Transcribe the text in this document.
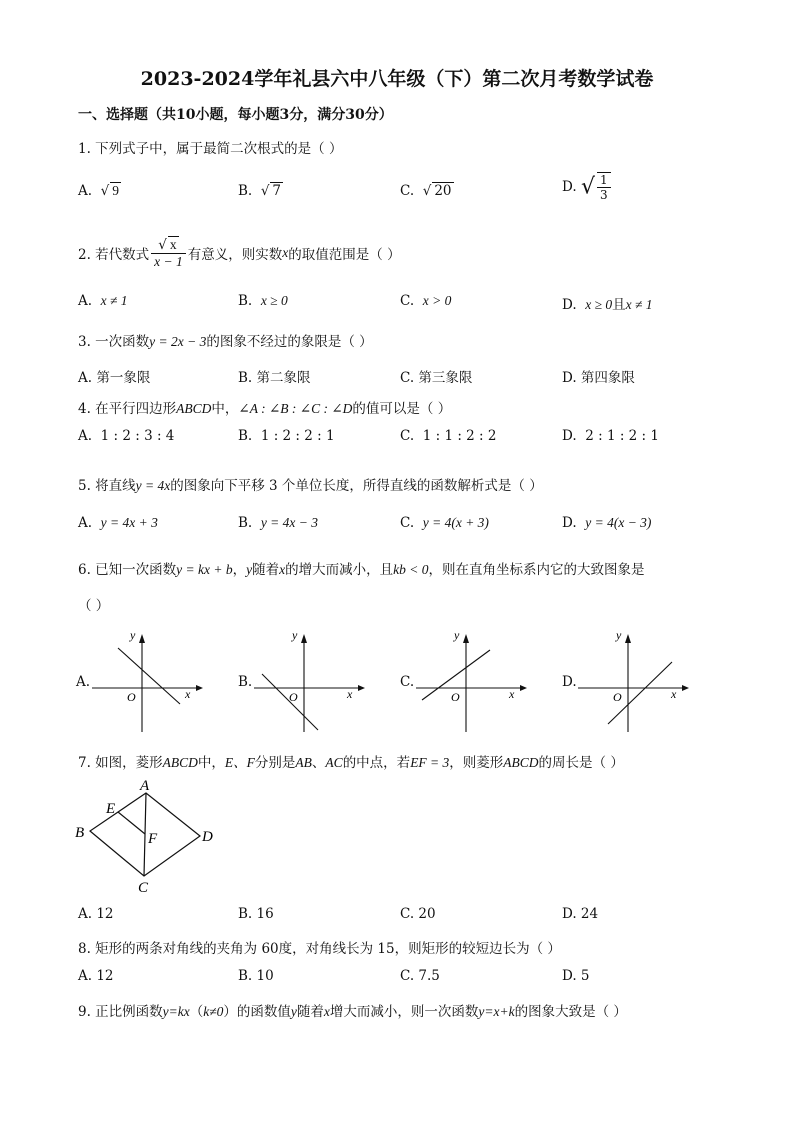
2023-2024学年礼县六中八年级（下）第二次月考数学试卷
一、选择题（共10小题，每小题3分，满分30分）
1. 下列式子中，属于最简二次根式的是（ ）
A. √ 9	B. √ 7	C. √ 20	D. √ $\frac{1}{3}$
2. 若代数式 $\frac{√ x}{x - 1}$ 有意义，则实数x的取值范围是（ ）
A. x ≠ 1	B. x ≥ 0	C. x > 0	D. x ≥ 0且x ≠ 1
3. 一次函数y = 2x − 3的图象不经过的象限是（ ）
A. 第一象限	B. 第二象限	C. 第三象限	D. 第四象限
4. 在平行四边形ABCD中，∠A : ∠B : ∠C : ∠D的值可以是（ ）
A. 1 : 2 : 3 : 4	B. 1 : 2 : 2 : 1	C. 1 : 1 : 2 : 2	D. 2 : 1 : 2 : 1
5. 将直线y = 4x的图象向下平移 3 个单位长度，所得直线的函数解析式是（ ）
A. y = 4x + 3	B. y = 4x − 3	C. y = 4(x + 3)	D. y = 4(x − 3)
6. 已知一次函数y = kx + b，y随着x的增大而减小，且kb < 0，则在直角坐标系内它的大致图象是
（ ）
A.
y
x
O
B.
y
x
O
C.
y
x
O
D.
y
x
O
7. 如图，菱形ABCD中，E、F分别是AB、AC的中点，若EF = 3，则菱形ABCD的周长是（ ）
A
B
C
D
E
F
A. 12	B. 16	C. 20	D. 24
8. 矩形的两条对角线的夹角为 60度，对角线长为 15，则矩形的较短边长为（ ）
A. 12	B. 10	C. 7.5	D. 5
9. 正比例函数y=kx（k≠0）的函数值y随着x增大而减小，则一次函数y=x+k的图象大致是（ ）
